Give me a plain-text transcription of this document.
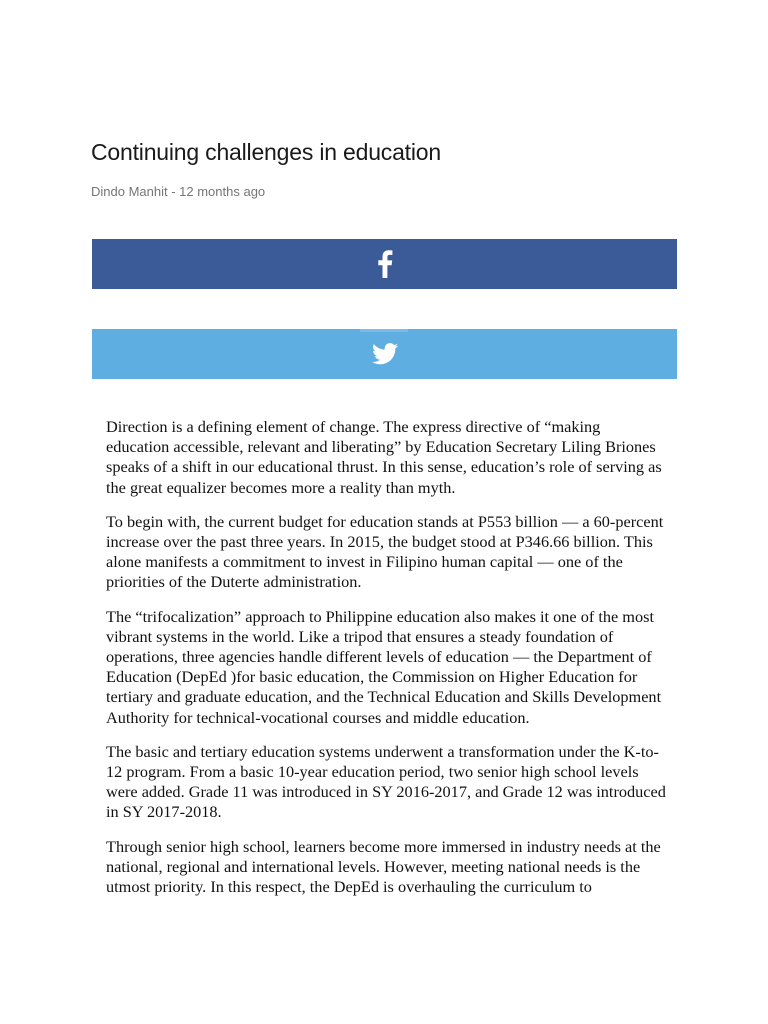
Continuing challenges in education
Dindo Manhit - 12 months ago

Direction is a defining element of change. The express directive of “making education accessible, relevant and liberating” by Education Secretary Liling Briones speaks of a shift in our educational thrust. In this sense, education’s role of serving as the great equalizer becomes more a reality than myth.

To begin with, the current budget for education stands at P553 billion — a 60-percent increase over the past three years. In 2015, the budget stood at P346.66 billion. This alone manifests a commitment to invest in Filipino human capital — one of the priorities of the Duterte administration.

The “trifocalization” approach to Philippine education also makes it one of the most vibrant systems in the world. Like a tripod that ensures a steady foundation of operations, three agencies handle different levels of education — the Department of Education (DepEd )for basic education, the Commission on Higher Education for tertiary and graduate education, and the Technical Education and Skills Development Authority for technical-vocational courses and middle education.

The basic and tertiary education systems underwent a transformation under the K-to-12 program. From a basic 10-year education period, two senior high school levels were added. Grade 11 was introduced in SY 2016-2017, and Grade 12 was introduced in SY 2017-2018.

Through senior high school, learners become more immersed in industry needs at the national, regional and international levels. However, meeting national needs is the utmost priority. In this respect, the DepEd is overhauling the curriculum to
